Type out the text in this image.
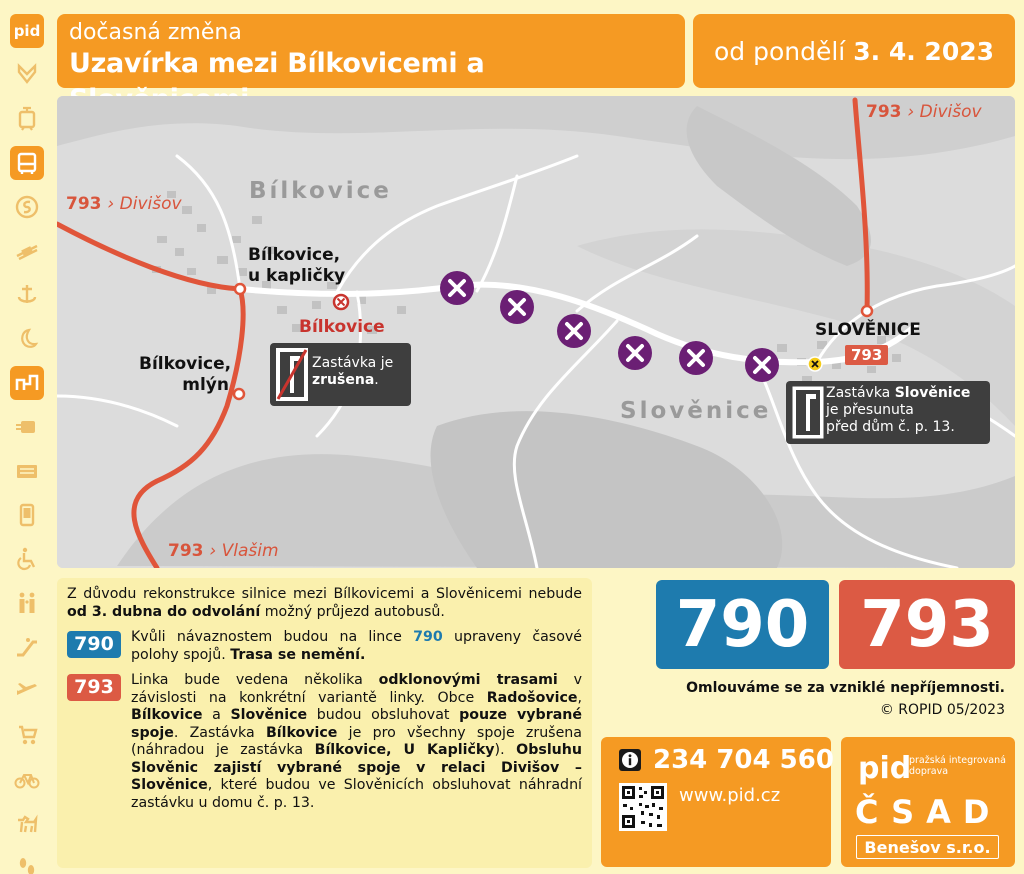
pid dočasná změna
Uzavírka mezi Bílkovicemi a	od pondělí 3. 4. 2023
793 › Divišov
793 › Divišov
793 › Vlašim
Bílkovice
Slověnice
Bílkovice,
u kapličky
Bílkovice,
mlýn
Bílkovice	SLOVĚNICE
793
Zastávka je
zrušena.
Zastávka Slověnice
je přesunuta
před dům č. p. 13.

Z důvodu rekonstrukce silnice mezi Bílkovicemi a Slověnicemi nebude od 3. dubna do odvolání možný průjezd autobusů.

790	Kvůli návaznostem budou na lince 790 upraveny časové polohy spojů. Trasa se nemění.

793	Linka bude vedena několika odklonovými trasami v závislosti na konkrétní variantě linky. Obce Radošovice, Bílkovice a Slověnice budou obsluhovat pouze vybrané spoje. Zastávka Bílkovice je pro všechny spoje zrušena (náhradou je zastávka Bílkovice, U Kapličky). Obsluhu Slověnic zajistí vybrané spoje v relaci Divišov – Slověnice, které budou ve Slověnicích obsluhovat náhradní zastávku u domu č. p. 13.

790 793
Omlouváme se za vzniklé nepříjemnosti.
© ROPID 05/2023
234 704 560
www.pid.cz
pid
pražská integrovaná
doprava
ČSAD
Benešov s.r.o.
